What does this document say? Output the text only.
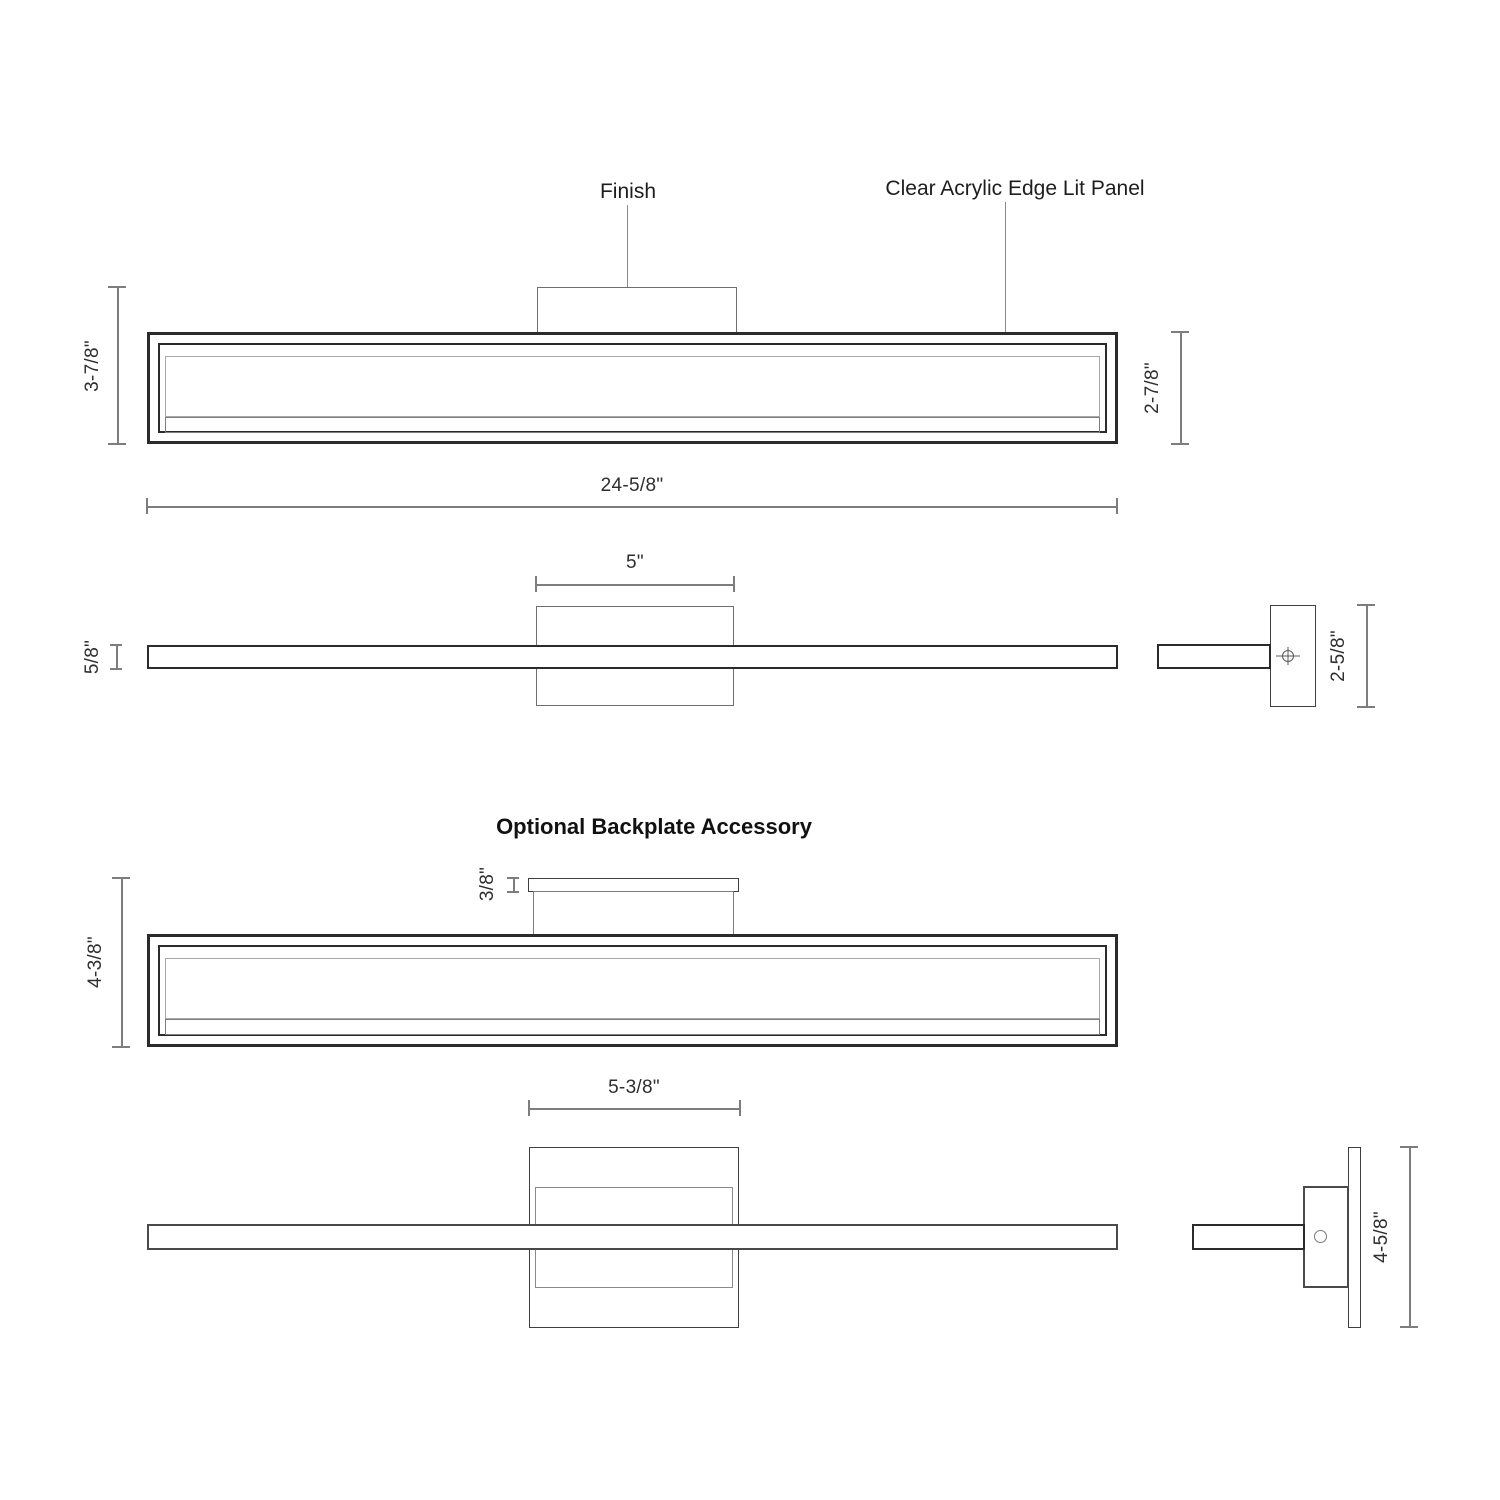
Finish	Clear Acrylic Edge Lit Panel
3-7/8"	2-7/8"
24-5/8"
5"
5/8"	2-5/8"
Optional Backplate Accessory
3/8"
4-3/8"
5-3/8"
4-5/8"
